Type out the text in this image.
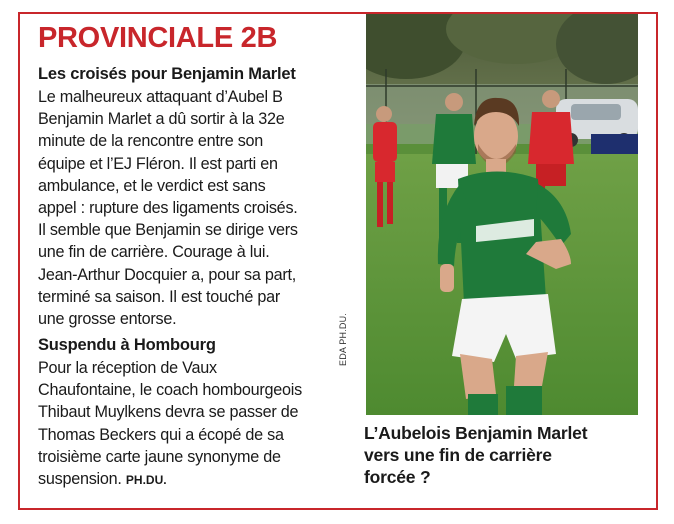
PROVINCIALE 2B
Les croisés pour Benjamin Marlet
Le malheureux attaquant d’Aubel B
Benjamin Marlet a dû sortir à la 32e
minute de la rencontre entre son
équipe et l’EJ Fléron. Il est parti en
ambulance, et le verdict est sans
appel : rupture des ligaments croisés.
Il semble que Benjamin se dirige vers
une fin de carrière. Courage à lui.
Jean-Arthur Docquier a, pour sa part,
terminé sa saison. Il est touché par
une grosse entorse.
Suspendu à Hombourg
Pour la réception de Vaux
Chaufontaine, le coach hombourgeois
Thibaut Muylkens devra se passer de
Thomas Beckers qui a écopé de sa
troisième carte jaune synonyme de
suspension. PH.DU.
EDA PH.DU.
L’Aubelois Benjamin Marlet
vers une fin de carrière
forcée ?
